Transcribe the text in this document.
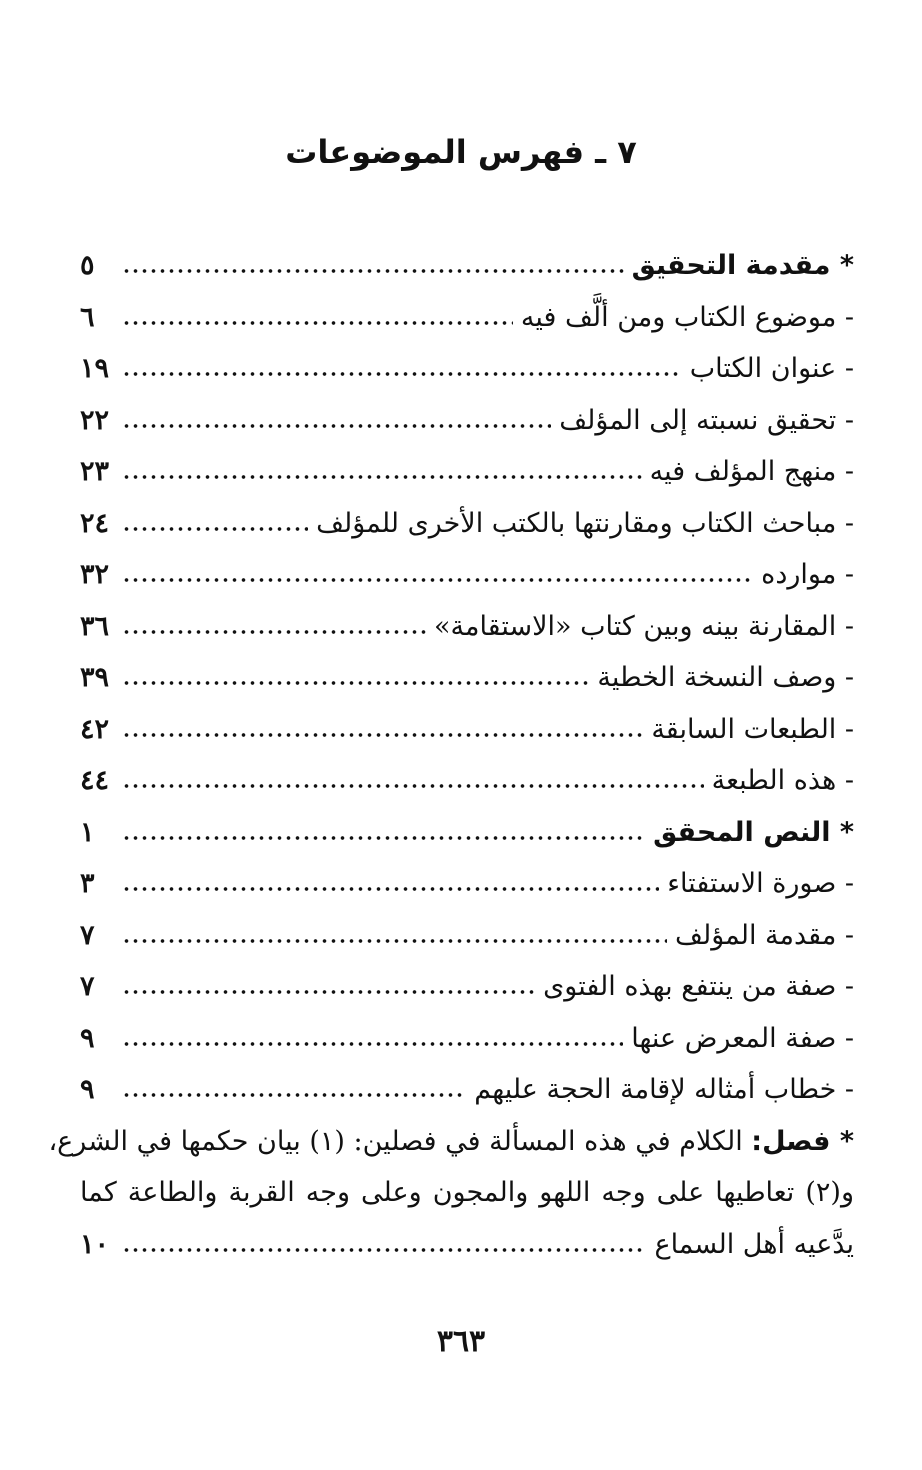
٧ ـ فهرس الموضوعات
* مقدمة التحقيق
٥
- موضوع الكتاب ومن ألَّف فيه
٦
- عنوان الكتاب
١٩
- تحقيق نسبته إلى المؤلف
٢٢
- منهج المؤلف فيه
٢٣
- مباحث الكتاب ومقارنتها بالكتب الأخرى للمؤلف
٢٤
- موارده
٣٢
- المقارنة بينه وبين كتاب «الاستقامة»
٣٦
- وصف النسخة الخطية
٣٩
- الطبعات السابقة
٤٢
- هذه الطبعة
٤٤
* النص المحقق
١
- صورة الاستفتاء
٣
- مقدمة المؤلف
٧
- صفة من ينتفع بهذه الفتوى
٧
- صفة المعرض عنها
٩
- خطاب أمثاله لإقامة الحجة عليهم
٩
* فصل: الكلام في هذه المسألة في فصلين: (١) بيان حكمها في الشرع،
و(٢) تعاطيها على وجه اللهو والمجون وعلى وجه القربة والطاعة كما
يدَّعيه أهل السماع
١٠
٣٦٣
